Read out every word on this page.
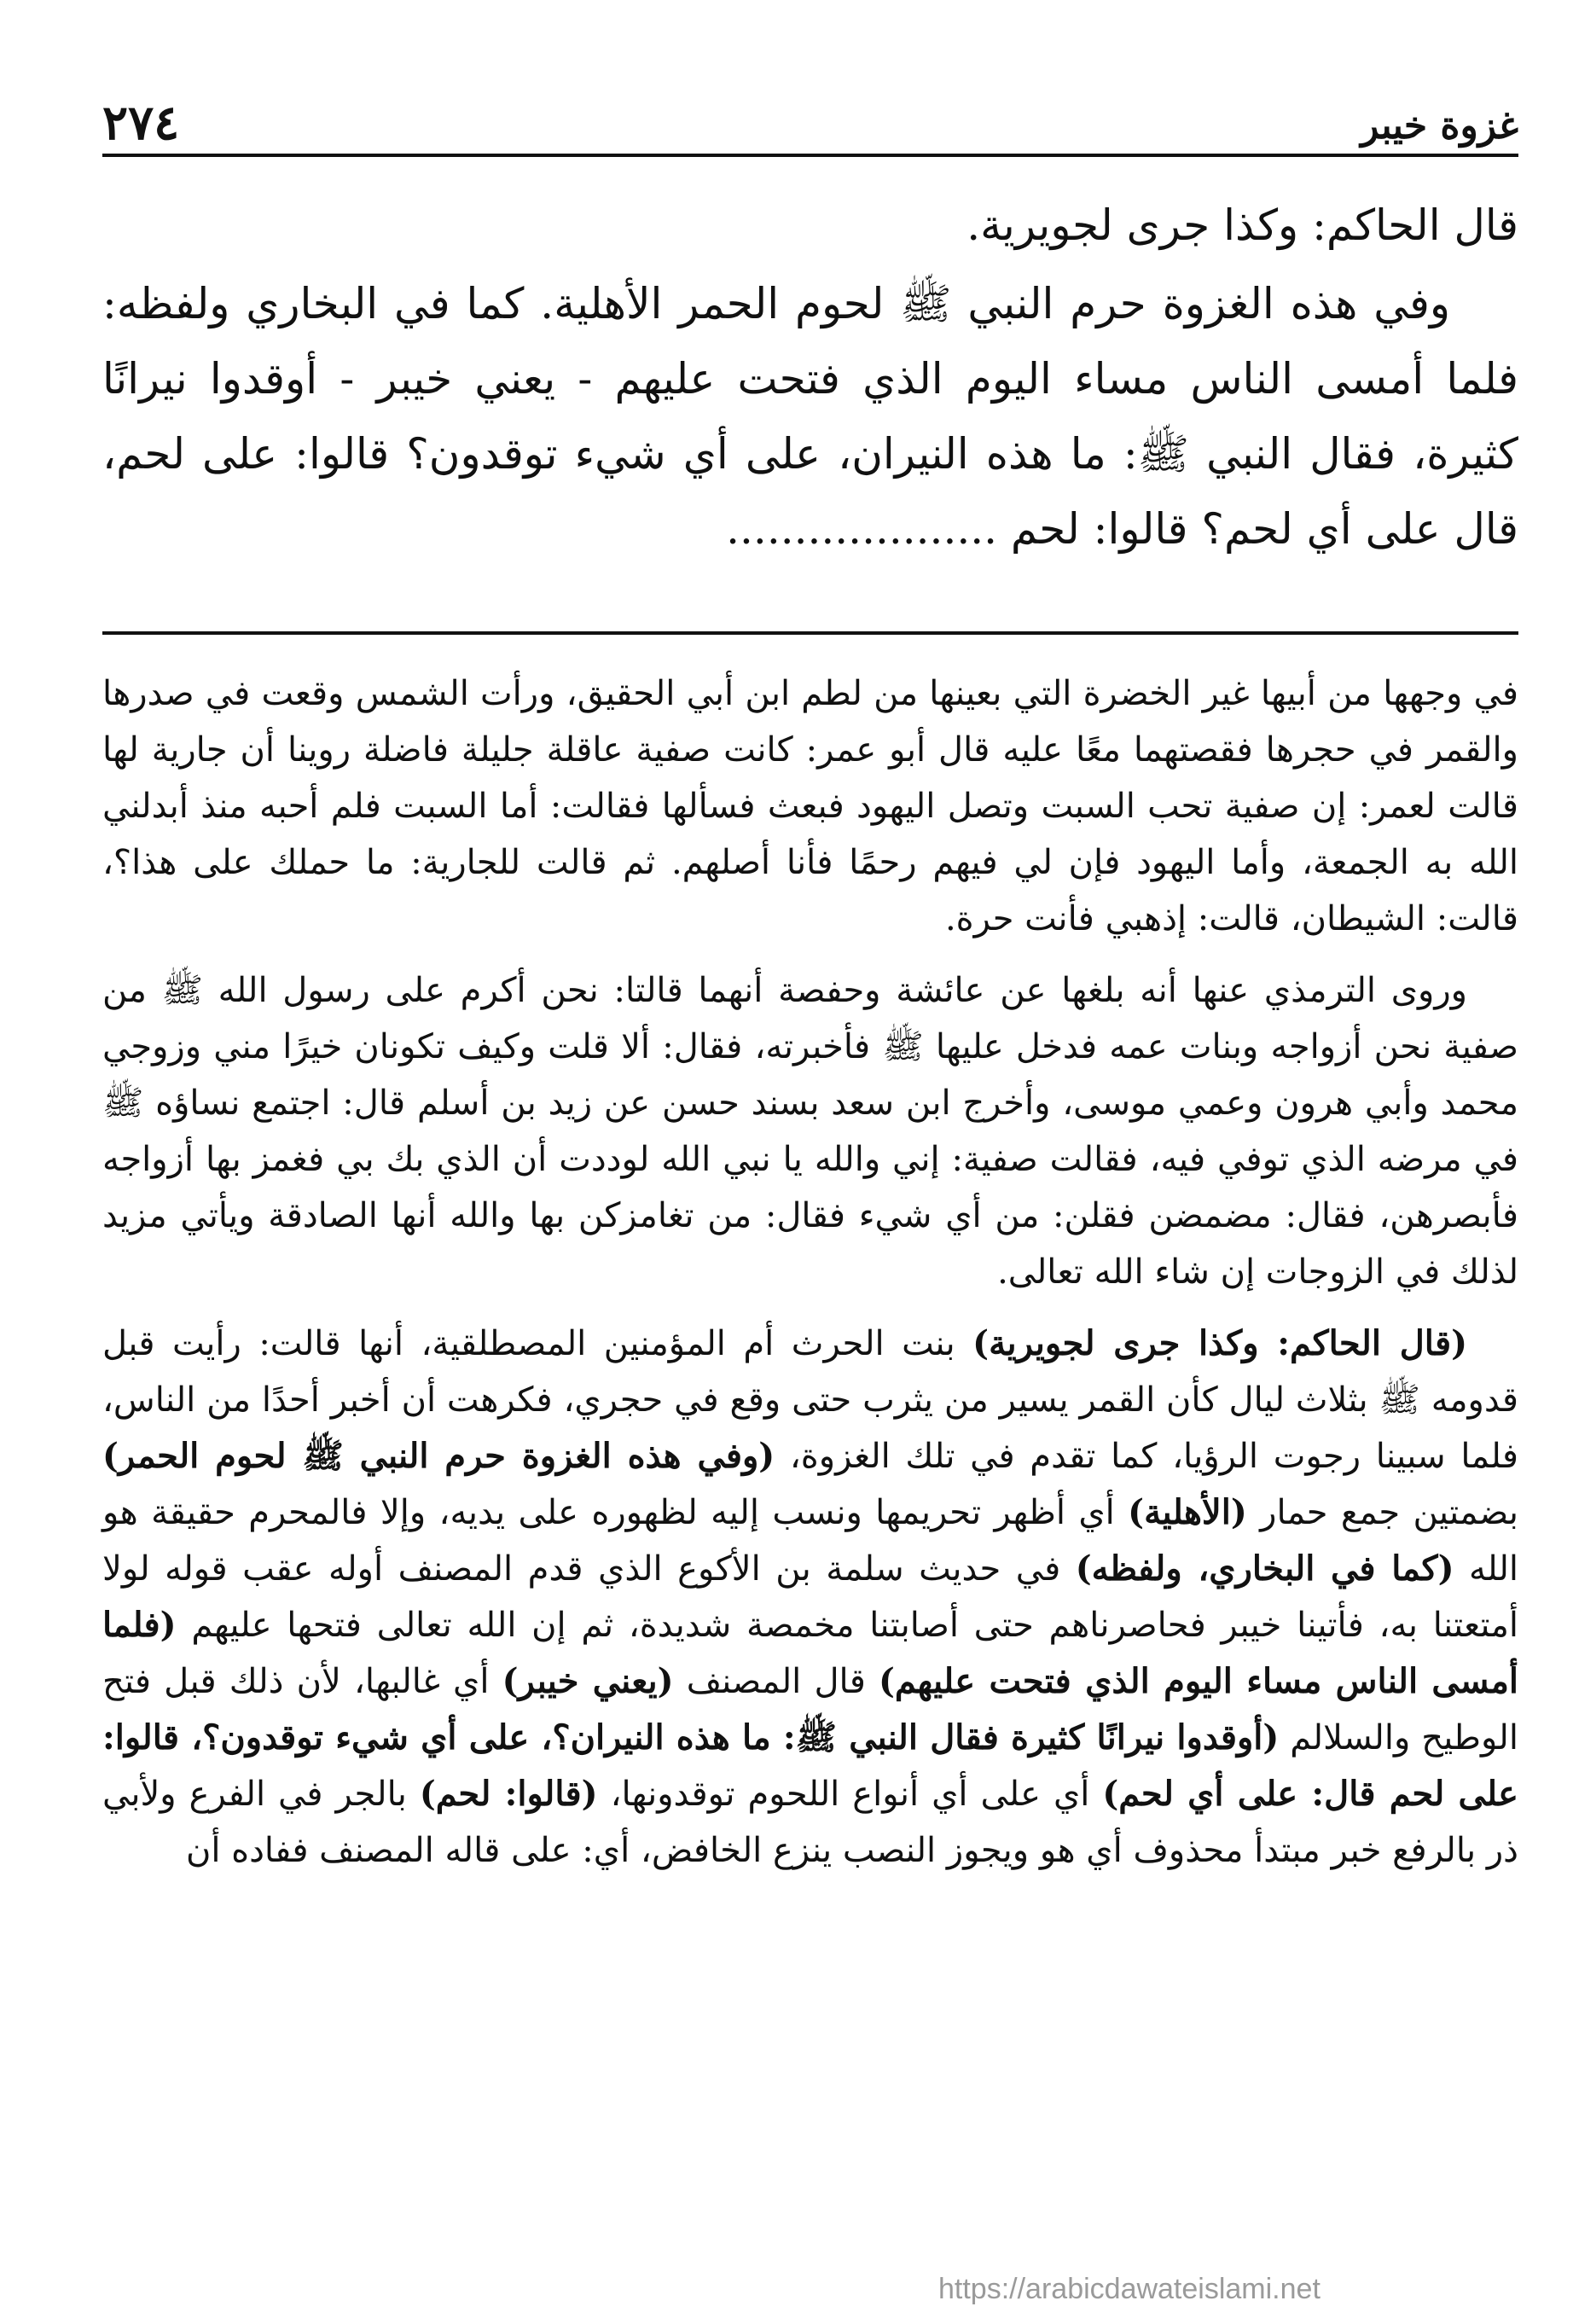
غزوة خيبر
٢٧٤

قال الحاكم: وكذا جرى لجويرية.

وفي هذه الغزوة حرم النبي ﷺ لحوم الحمر الأهلية. كما في البخاري ولفظه: فلما أمسى الناس مساء اليوم الذي فتحت عليهم - يعني خيبر - أوقدوا نيرانًا كثيرة، فقال النبي ﷺ: ما هذه النيران، على أي شيء توقدون؟ قالوا: على لحم، قال على أي لحم؟ قالوا: لحم ....................

في وجهها من أبيها غير الخضرة التي بعينها من لطم ابن أبي الحقيق، ورأت الشمس وقعت في صدرها والقمر في حجرها فقصتهما معًا عليه قال أبو عمر: كانت صفية عاقلة جليلة فاضلة روينا أن جارية لها قالت لعمر: إن صفية تحب السبت وتصل اليهود فبعث فسألها فقالت: أما السبت فلم أحبه منذ أبدلني الله به الجمعة، وأما اليهود فإن لي فيهم رحمًا فأنا أصلهم. ثم قالت للجارية: ما حملك على هذا؟، قالت: الشيطان، قالت: إذهبي فأنت حرة.

وروى الترمذي عنها أنه بلغها عن عائشة وحفصة أنهما قالتا: نحن أكرم على رسول الله ﷺ من صفية نحن أزواجه وبنات عمه فدخل عليها ﷺ فأخبرته، فقال: ألا قلت وكيف تكونان خيرًا مني وزوجي محمد وأبي هرون وعمي موسى، وأخرج ابن سعد بسند حسن عن زيد بن أسلم قال: اجتمع نساؤه ﷺ في مرضه الذي توفي فيه، فقالت صفية: إني والله يا نبي الله لوددت أن الذي بك بي فغمز بها أزواجه فأبصرهن، فقال: مضمضن فقلن: من أي شيء فقال: من تغامزكن بها والله أنها الصادقة ويأتي مزيد لذلك في الزوجات إن شاء الله تعالى.

(قال الحاكم: وكذا جرى لجويرية) بنت الحرث أم المؤمنين المصطلقية، أنها قالت: رأيت قبل قدومه ﷺ بثلاث ليال كأن القمر يسير من يثرب حتى وقع في حجري، فكرهت أن أخبر أحدًا من الناس، فلما سبينا رجوت الرؤيا، كما تقدم في تلك الغزوة، (وفي هذه الغزوة حرم النبي ﷺ لحوم الحمر) بضمتين جمع حمار (الأهلية) أي أظهر تحريمها ونسب إليه لظهوره على يديه، وإلا فالمحرم حقيقة هو الله (كما في البخاري، ولفظه) في حديث سلمة بن الأكوع الذي قدم المصنف أوله عقب قوله لولا أمتعتنا به، فأتينا خيبر فحاصرناهم حتى أصابتنا مخمصة شديدة، ثم إن الله تعالى فتحها عليهم (فلما أمسى الناس مساء اليوم الذي فتحت عليهم) قال المصنف (يعني خيبر) أي غالبها، لأن ذلك قبل فتح الوطيح والسلالم (أوقدوا نيرانًا كثيرة فقال النبي ﷺ: ما هذه النيران؟، على أي شيء توقدون؟، قالوا: على لحم قال: على أي لحم) أي على أي أنواع اللحوم توقدونها، (قالوا: لحم) بالجر في الفرع ولأبي ذر بالرفع خبر مبتدأ محذوف أي هو ويجوز النصب ينزع الخافض، أي: على قاله المصنف ففاده أن

https://arabicdawateislami.net
